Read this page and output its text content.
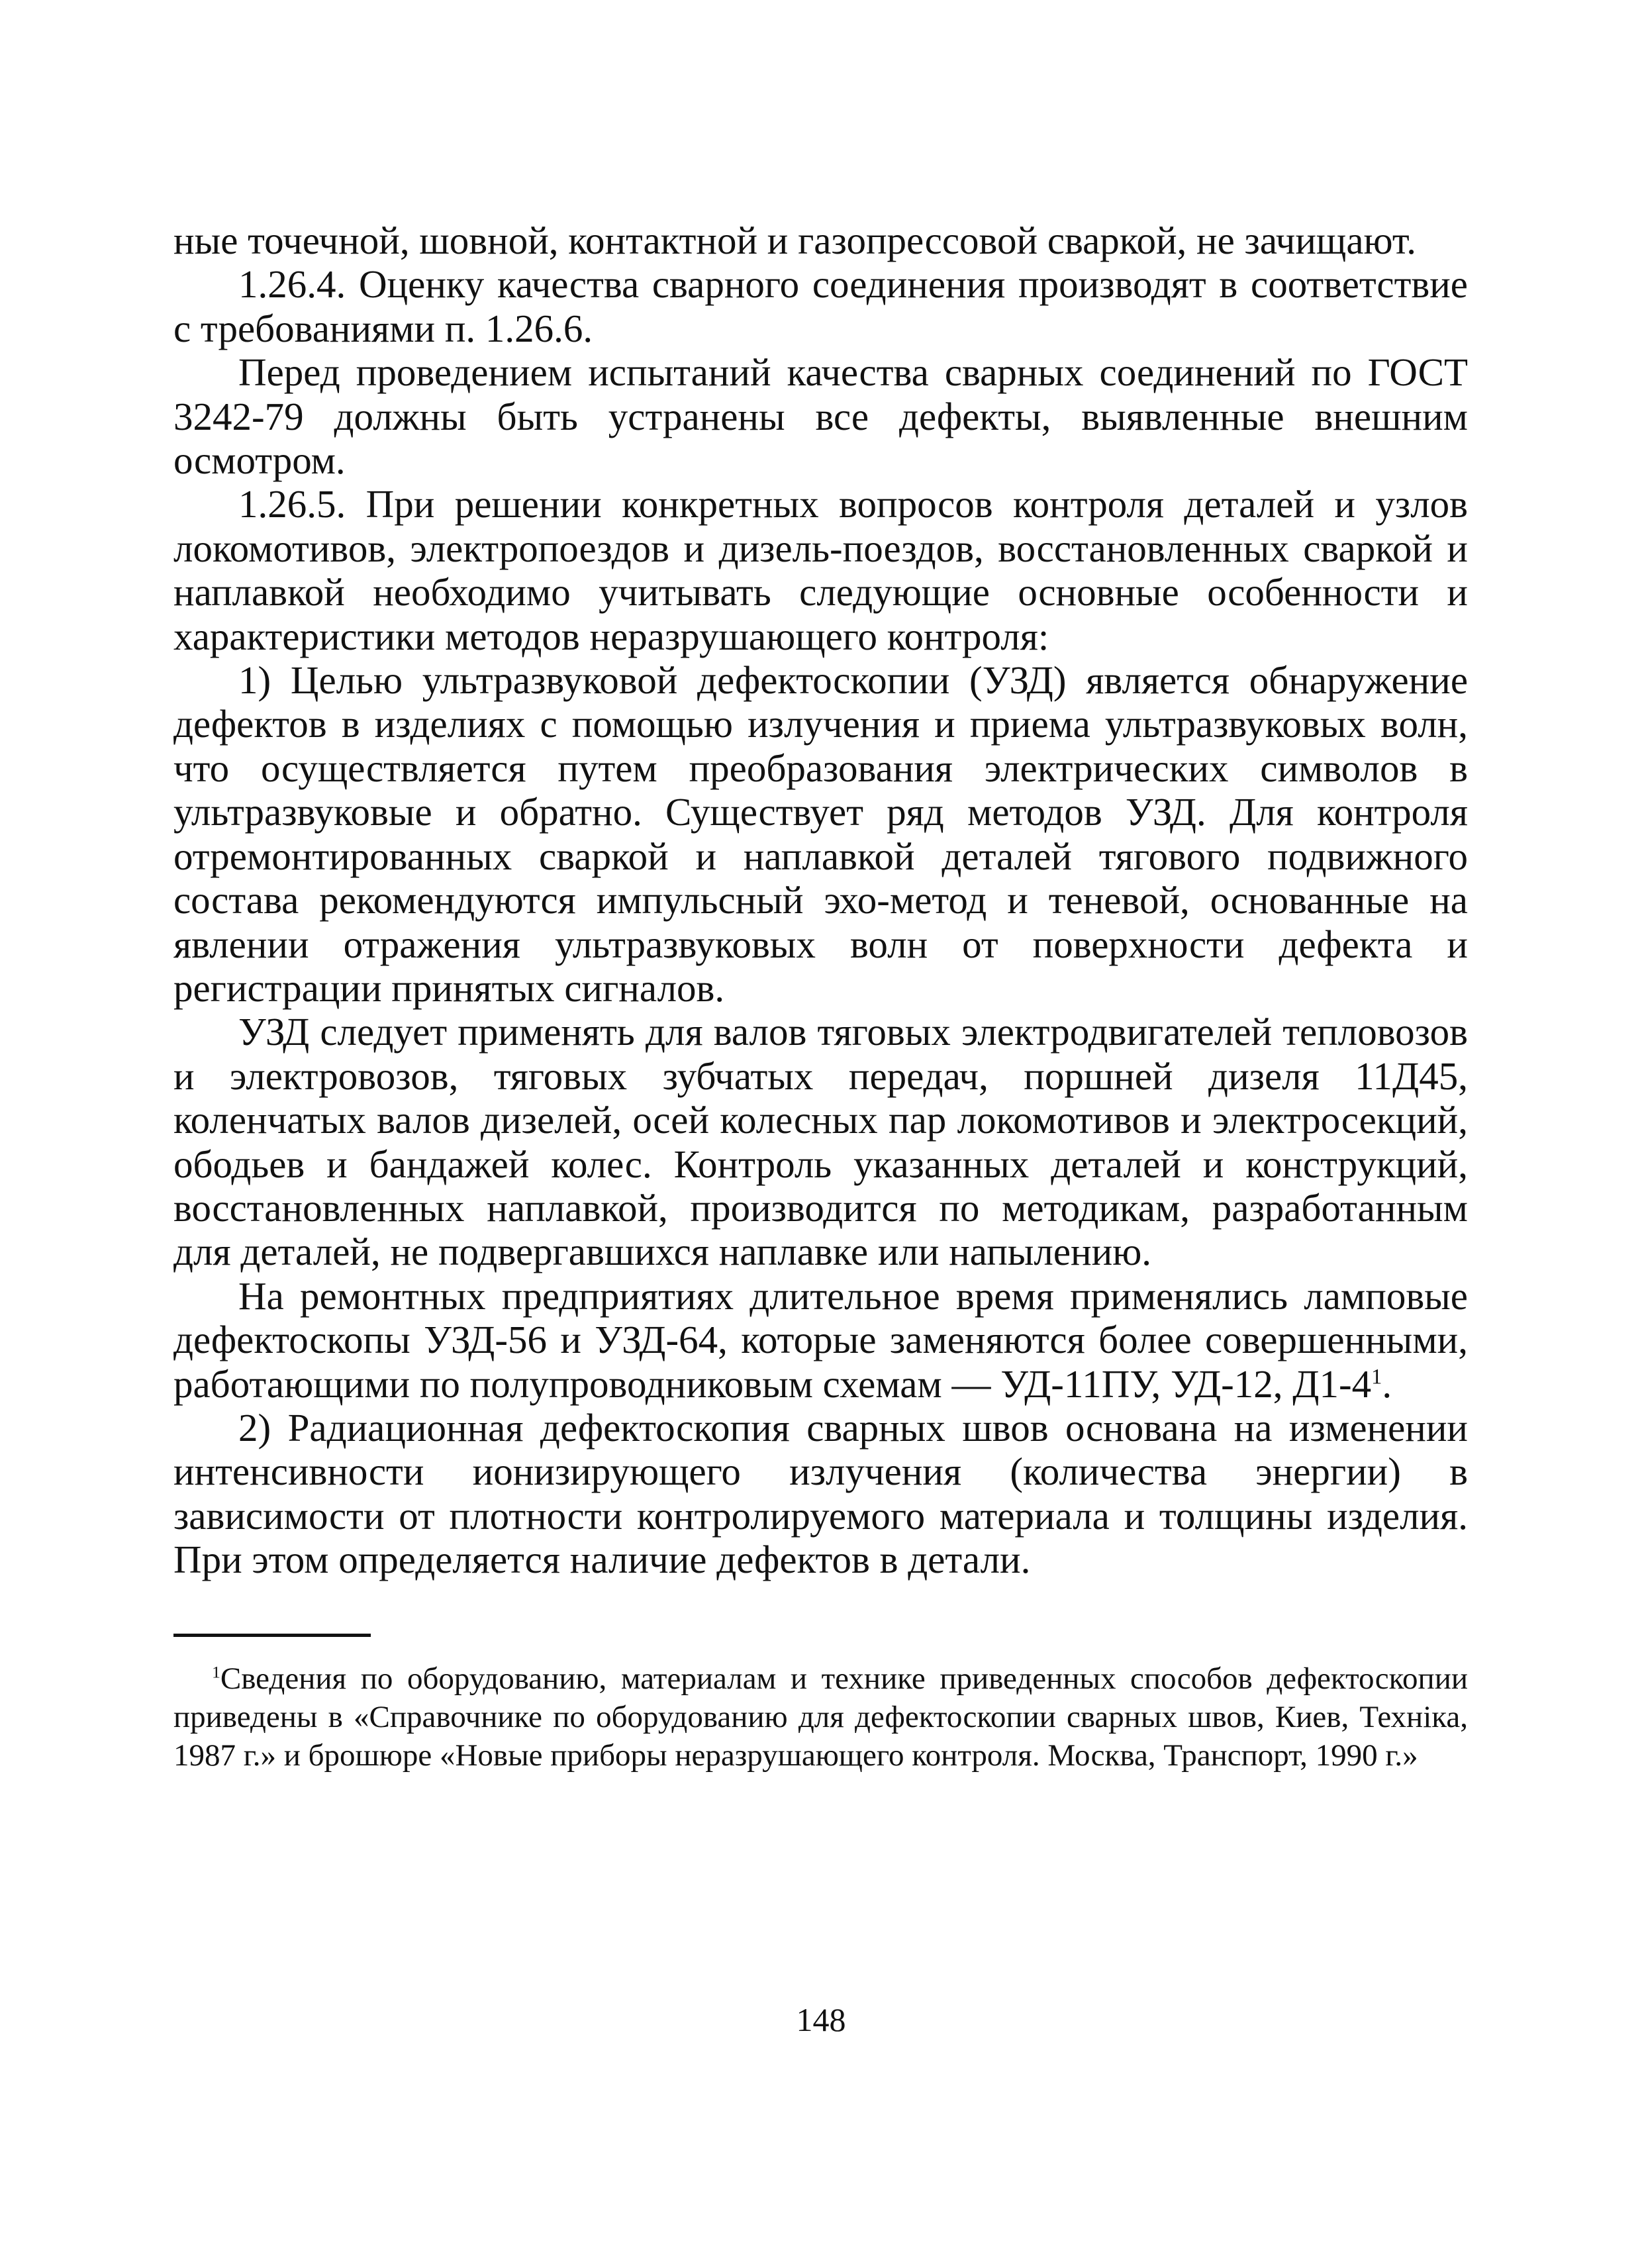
ные точечной, шовной, контактной и газопрессовой сваркой, не зачищают.

1.26.4. Оценку качества сварного соединения производят в соответствие с требованиями п. 1.26.6.

Перед проведением испытаний качества сварных соединений по ГОСТ 3242-79 должны быть устранены все дефекты, выявленные внешним осмотром.

1.26.5. При решении конкретных вопросов контроля деталей и узлов локомотивов, электропоездов и дизель-поездов, восстановленных сваркой и наплавкой необходимо учитывать следующие основные особенности и характеристики методов неразрушающего контроля:

1) Целью ультразвуковой дефектоскопии (УЗД) является обнаружение дефектов в изделиях с помощью излучения и приема ультразвуковых волн, что осуществляется путем преобразования электрических символов в ультразвуковые и обратно. Существует ряд методов УЗД. Для контроля отремонтированных сваркой и наплавкой деталей тягового подвижного состава рекомендуются импульсный эхо-метод и теневой, основанные на явлении отражения ультразвуковых волн от поверхности дефекта и регистрации принятых сигналов.

УЗД следует применять для валов тяговых электродвигателей тепловозов и электровозов, тяговых зубчатых передач, поршней дизеля 11Д45, коленчатых валов дизелей, осей колесных пар локомотивов и электросекций, ободьев и бандажей колес. Контроль указанных деталей и конструкций, восстановленных наплавкой, производится по методикам, разработанным для деталей, не подвергавшихся наплавке или напылению.

На ремонтных предприятиях длительное время применялись ламповые дефектоскопы УЗД-56 и УЗД-64, которые заменяются более совершенными, работающими по полупроводниковым схемам — УД-11ПУ, УД-12, $Д1-4^1$.

2) Радиационная дефектоскопия сварных швов основана на изменении интенсивности ионизирующего излучения (количества энергии) в зависимости от плотности контролируемого материала и толщины изделия. При этом определяется наличие дефектов в детали.

$^1$Сведения по оборудованию, материалам и технике приведенных способов дефектоскопии приведены в «Справочнике по оборудованию для дефектоскопии сварных швов, Киев, Техніка, 1987 г.» и брошюре «Новые приборы неразрушающего контроля. Москва, Транспорт, 1990 г.»

148
